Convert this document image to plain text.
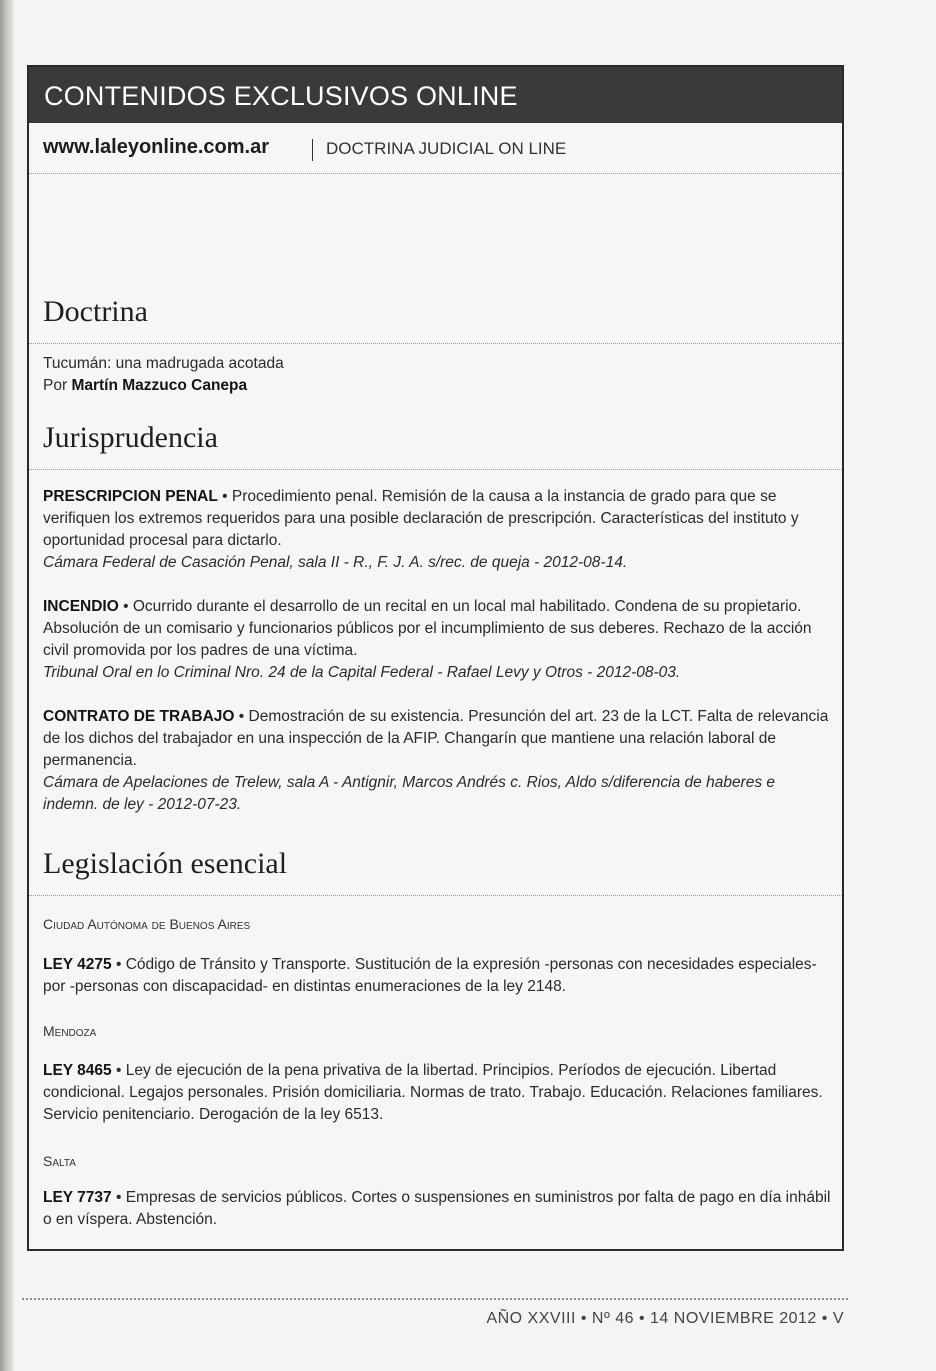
CONTENIDOS EXCLUSIVOS ONLINE
www.laleyonline.com.ar	DOCTRINA JUDICIAL ON LINE
Doctrina
Tucumán: una madrugada acotada
Por Martín Mazzuco Canepa
Jurisprudencia
PRESCRIPCION PENAL • Procedimiento penal. Remisión de la causa a la instancia de grado para que se verifiquen los extremos requeridos para una posible declaración de prescripción. Características del instituto y oportunidad procesal para dictarlo.
Cámara Federal de Casación Penal, sala II - R., F. J. A. s/rec. de queja - 2012-08-14.
INCENDIO • Ocurrido durante el desarrollo de un recital en un local mal habilitado. Condena de su propietario. Absolución de un comisario y funcionarios públicos por el incumplimiento de sus deberes. Rechazo de la acción civil promovida por los padres de una víctima.
Tribunal Oral en lo Criminal Nro. 24 de la Capital Federal - Rafael Levy y Otros - 2012-08-03.
CONTRATO DE TRABAJO • Demostración de su existencia. Presunción del art. 23 de la LCT. Falta de relevancia de los dichos del trabajador en una inspección de la AFIP. Changarín que mantiene una relación laboral de permanencia.
Cámara de Apelaciones de Trelew, sala A - Antignir, Marcos Andrés c. Rios, Aldo s/diferencia de haberes e indemn. de ley - 2012-07-23.
Legislación esencial
Ciudad Autónoma de Buenos Aires
LEY 4275 • Código de Tránsito y Transporte. Sustitución de la expresión -personas con necesidades especiales- por -personas con discapacidad- en distintas enumeraciones de la ley 2148.
Mendoza
LEY 8465 • Ley de ejecución de la pena privativa de la libertad. Principios. Períodos de ejecución. Libertad condicional. Legajos personales. Prisión domiciliaria. Normas de trato. Trabajo. Educación. Relaciones familiares. Servicio penitenciario. Derogación de la ley 6513.
Salta
LEY 7737 • Empresas de servicios públicos. Cortes o suspensiones en suministros por falta de pago en día inhábil o en víspera. Abstención.
AÑO XXVIII • Nº 46 • 14 NOVIEMBRE 2012 • V
